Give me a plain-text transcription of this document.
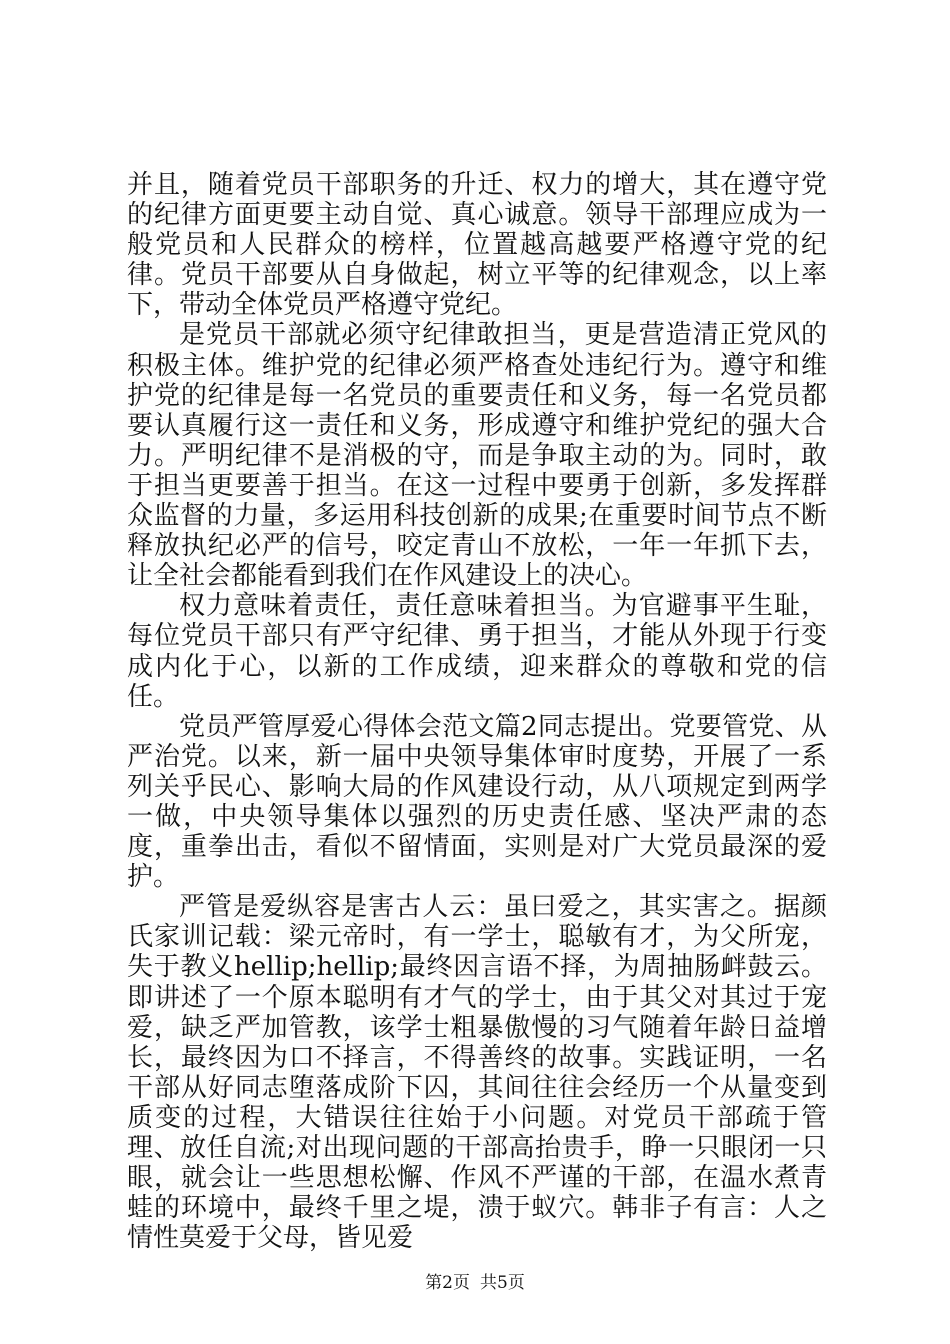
并且，随着党员干部职务的升迁、权力的增大，其在遵守党的纪律方面更要主动自觉、真心诚意。领导干部理应成为一般党员和人民群众的榜样，位置越高越要严格遵守党的纪律。党员干部要从自身做起，树立平等的纪律观念，以上率下，带动全体党员严格遵守党纪。

是党员干部就必须守纪律敢担当，更是营造清正党风的积极主体。维护党的纪律必须严格查处违纪行为。遵守和维护党的纪律是每一名党员的重要责任和义务，每一名党员都要认真履行这一责任和义务，形成遵守和维护党纪的强大合力。严明纪律不是消极的守，而是争取主动的为。同时，敢于担当更要善于担当。在这一过程中要勇于创新，多发挥群众监督的力量，多运用科技创新的成果;在重要时间节点不断释放执纪必严的信号，咬定青山不放松，一年一年抓下去，让全社会都能看到我们在作风建设上的决心。

权力意味着责任，责任意味着担当。为官避事平生耻，每位党员干部只有严守纪律、勇于担当，才能从外现于行变成内化于心，以新的工作成绩，迎来群众的尊敬和党的信任。

党员严管厚爱心得体会范文篇2同志提出。党要管党、从严治党。以来，新一届中央领导集体审时度势，开展了一系列关乎民心、影响大局的作风建设行动，从八项规定到两学一做，中央领导集体以强烈的历史责任感、坚决严肃的态度，重拳出击，看似不留情面，实则是对广大党员最深的爱护。

严管是爱纵容是害古人云：虽曰爱之，其实害之。据颜氏家训记载：梁元帝时，有一学士，聪敏有才，为父所宠，失于教义hellip;hellip;最终因言语不择，为周抽肠衅鼓云。即讲述了一个原本聪明有才气的学士，由于其父对其过于宠爱，缺乏严加管教，该学士粗暴傲慢的习气随着年龄日益增长，最终因为口不择言，不得善终的故事。实践证明，一名干部从好同志堕落成阶下囚，其间往往会经历一个从量变到质变的过程，大错误往往始于小问题。对党员干部疏于管理、放任自流;对出现问题的干部高抬贵手，睁一只眼闭一只眼，就会让一些思想松懈、作风不严谨的干部，在温水煮青蛙的环境中，最终千里之堤，溃于蚁穴。韩非子有言：人之情性莫爱于父母，皆见爱

第2页 共5页
